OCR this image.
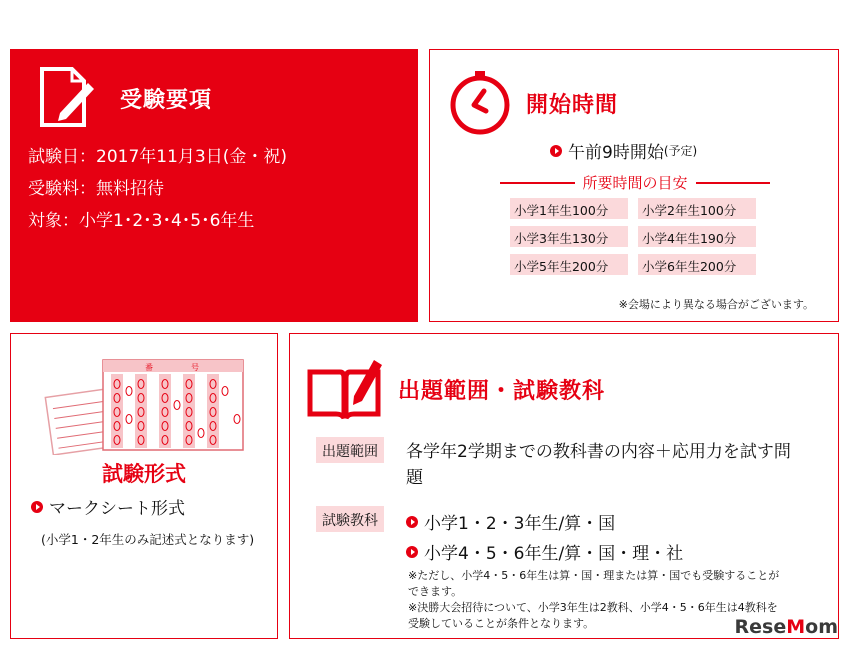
受験要項
試験日：2017年11月3日(金・祝)
受験料：無料招待
対象：小学1･2･3･4･5･6年生
開始時間
午前9時開始 (予定)
所要時間の目安
小学1年生100分	小学2年生100分
小学3年生130分	小学4年生190分
小学5年生200分	小学6年生200分
※会場により異なる場合がございます。
番	号
試験形式
マークシート形式
(小学1・2年生のみ記述式となります)
出題範囲・試験教科
出題範囲	各学年2学期までの教科書の内容＋応用力を試す問題
試験教科	小学1・2・3年生/算・国
小学4・5・6年生/算・国・理・社
※ただし、小学4・5・6年生は算・国・理または算・国でも受験することができます。
※決勝大会招待について、小学3年生は2教科、小学4・5・6年生は4教科を受験していることが条件となります。	ReseMom
